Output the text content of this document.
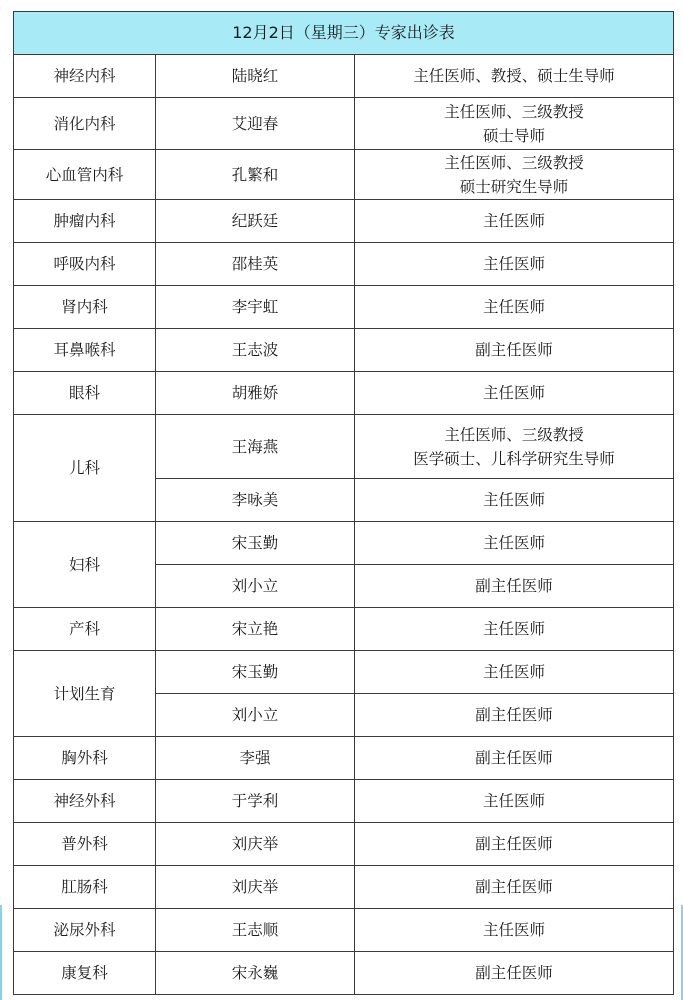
12月2日（星期三）专家出诊表		
神经内科	陆晓红	主任医师、教授、硕士生导师

消化内科	艾迎春	主任医师、三级教授
硕士导师

心血管内科	孔繁和	主任医师、三级教授
硕士研究生导师

肿瘤内科	纪跃廷	主任医师

呼吸内科	邵桂英	主任医师

肾内科	李宇虹	主任医师

耳鼻喉科	王志波	副主任医师

眼科	胡雅娇	主任医师

儿科	王海燕	主任医师、三级教授
医学硕士、儿科学研究生导师

	李咏美	主任医师

妇科	宋玉勤	主任医师

	刘小立	副主任医师

产科	宋立艳	主任医师

计划生育	宋玉勤	主任医师

	刘小立	副主任医师

胸外科	李强	副主任医师

神经外科	于学利	主任医师

普外科	刘庆举	副主任医师

肛肠科	刘庆举	副主任医师

泌尿外科	王志顺	主任医师

康复科	宋永巍	副主任医师
